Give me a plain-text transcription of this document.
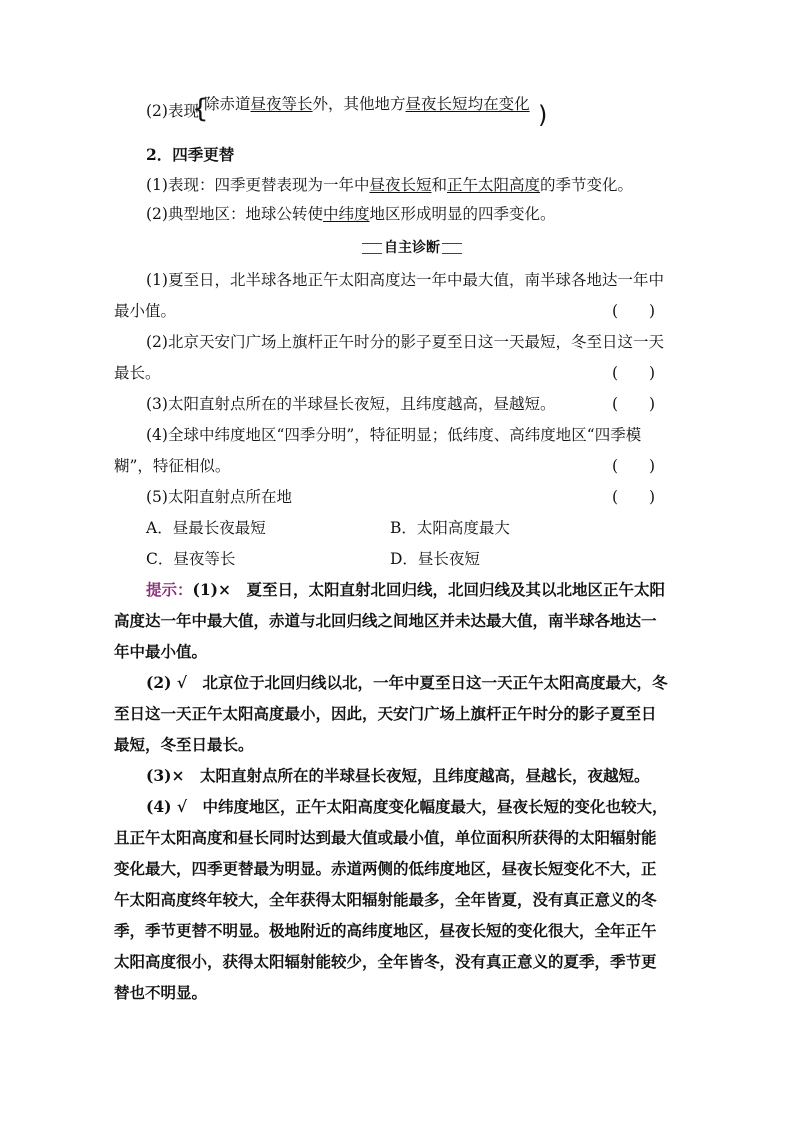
(2)表现
{
除赤道昼夜等长外，其他地方昼夜长短均在变化 )
2．四季更替
(1)表现：四季更替表现为一年中昼夜长短和正午太阳高度的季节变化。
(2)典型地区：地球公转使中纬度地区形成明显的四季变化。
自主诊断
(1)夏至日，北半球各地正午太阳高度达一年中最大值，南半球各地达一年中
最小值。	(　　)
(2)北京天安门广场上旗杆正午时分的影子夏至日这一天最短，冬至日这一天
最长。	(　　)
(3)太阳直射点所在的半球昼长夜短，且纬度越高，昼越短。	(　　)
(4)全球中纬度地区“四季分明”，特征明显；低纬度、高纬度地区“四季模
糊”，特征相似。	(　　)
(5)太阳直射点所在地	(　　)
A．昼最长夜最短	B．太阳高度最大
C．昼夜等长	D．昼长夜短
提示：(1)×　夏至日，太阳直射北回归线，北回归线及其以北地区正午太阳
高度达一年中最大值，赤道与北回归线之间地区并未达最大值，南半球各地达一
年中最小值。
(2) √　北京位于北回归线以北，一年中夏至日这一天正午太阳高度最大，冬
至日这一天正午太阳高度最小，因此，天安门广场上旗杆正午时分的影子夏至日
最短，冬至日最长。
(3)×　太阳直射点所在的半球昼长夜短，且纬度越高，昼越长，夜越短。
(4) √　中纬度地区，正午太阳高度变化幅度最大，昼夜长短的变化也较大，
且正午太阳高度和昼长同时达到最大值或最小值，单位面积所获得的太阳辐射能
变化最大，四季更替最为明显。赤道两侧的低纬度地区，昼夜长短变化不大，正
午太阳高度终年较大，全年获得太阳辐射能最多，全年皆夏，没有真正意义的冬
季，季节更替不明显。极地附近的高纬度地区，昼夜长短的变化很大，全年正午
太阳高度很小，获得太阳辐射能较少，全年皆冬，没有真正意义的夏季，季节更
替也不明显。
